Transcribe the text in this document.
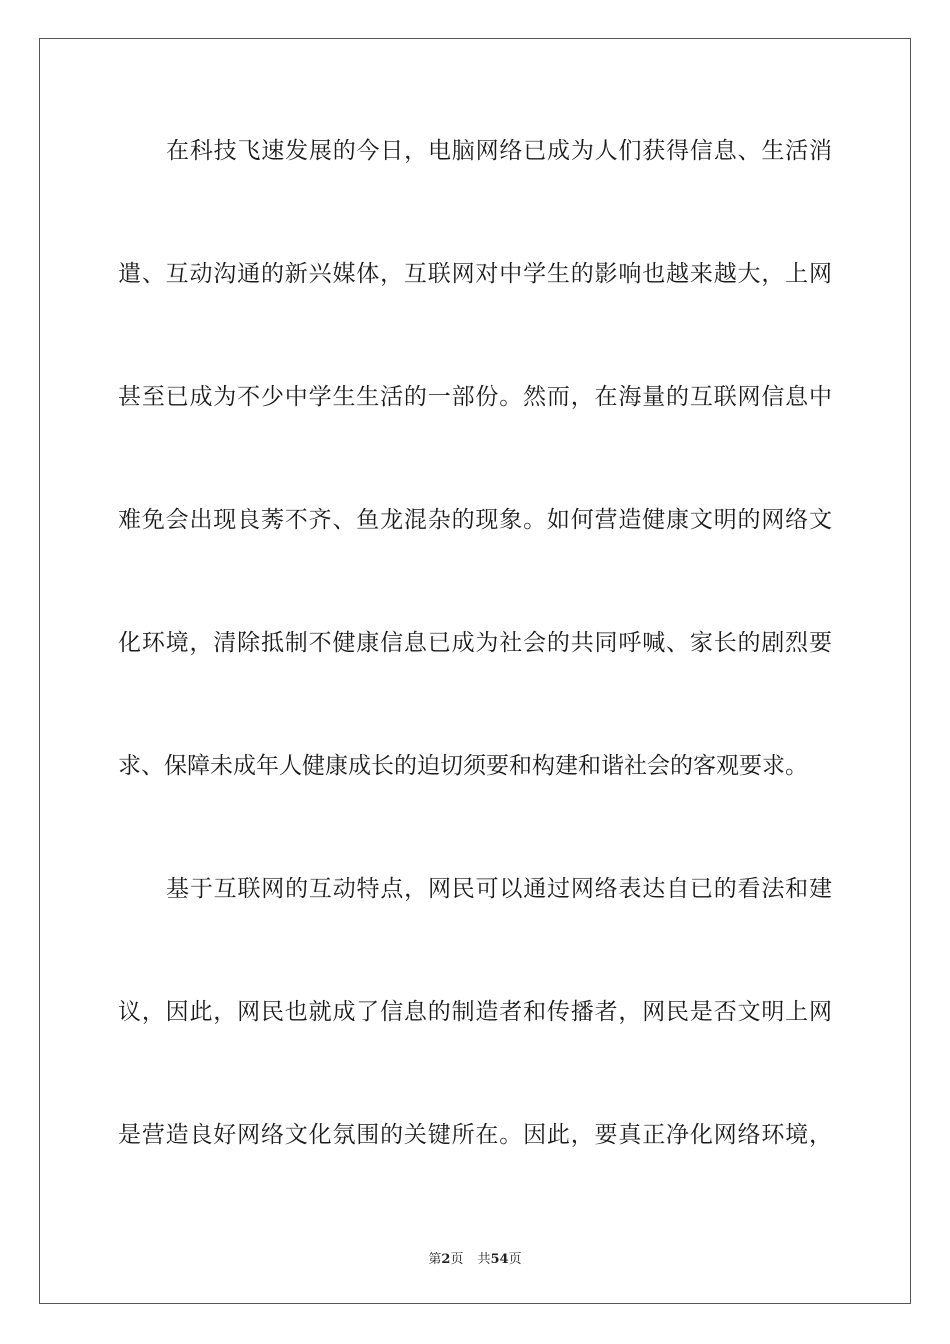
在科技飞速发展的今日，电脑网络已成为人们获得信息、生活消
遣、互动沟通的新兴媒体，互联网对中学生的影响也越来越大，上网
甚至已成为不少中学生生活的一部份。然而，在海量的互联网信息中
难免会出现良莠不齐、鱼龙混杂的现象。如何营造健康文明的网络文
化环境，清除抵制不健康信息已成为社会的共同呼喊、家长的剧烈要
求、保障未成年人健康成长的迫切须要和构建和谐社会的客观要求。
基于互联网的互动特点，网民可以通过网络表达自已的看法和建
议，因此，网民也就成了信息的制造者和传播者，网民是否文明上网
是营造良好网络文化氛围的关键所在。因此，要真正净化网络环境，
第2页 共54页
